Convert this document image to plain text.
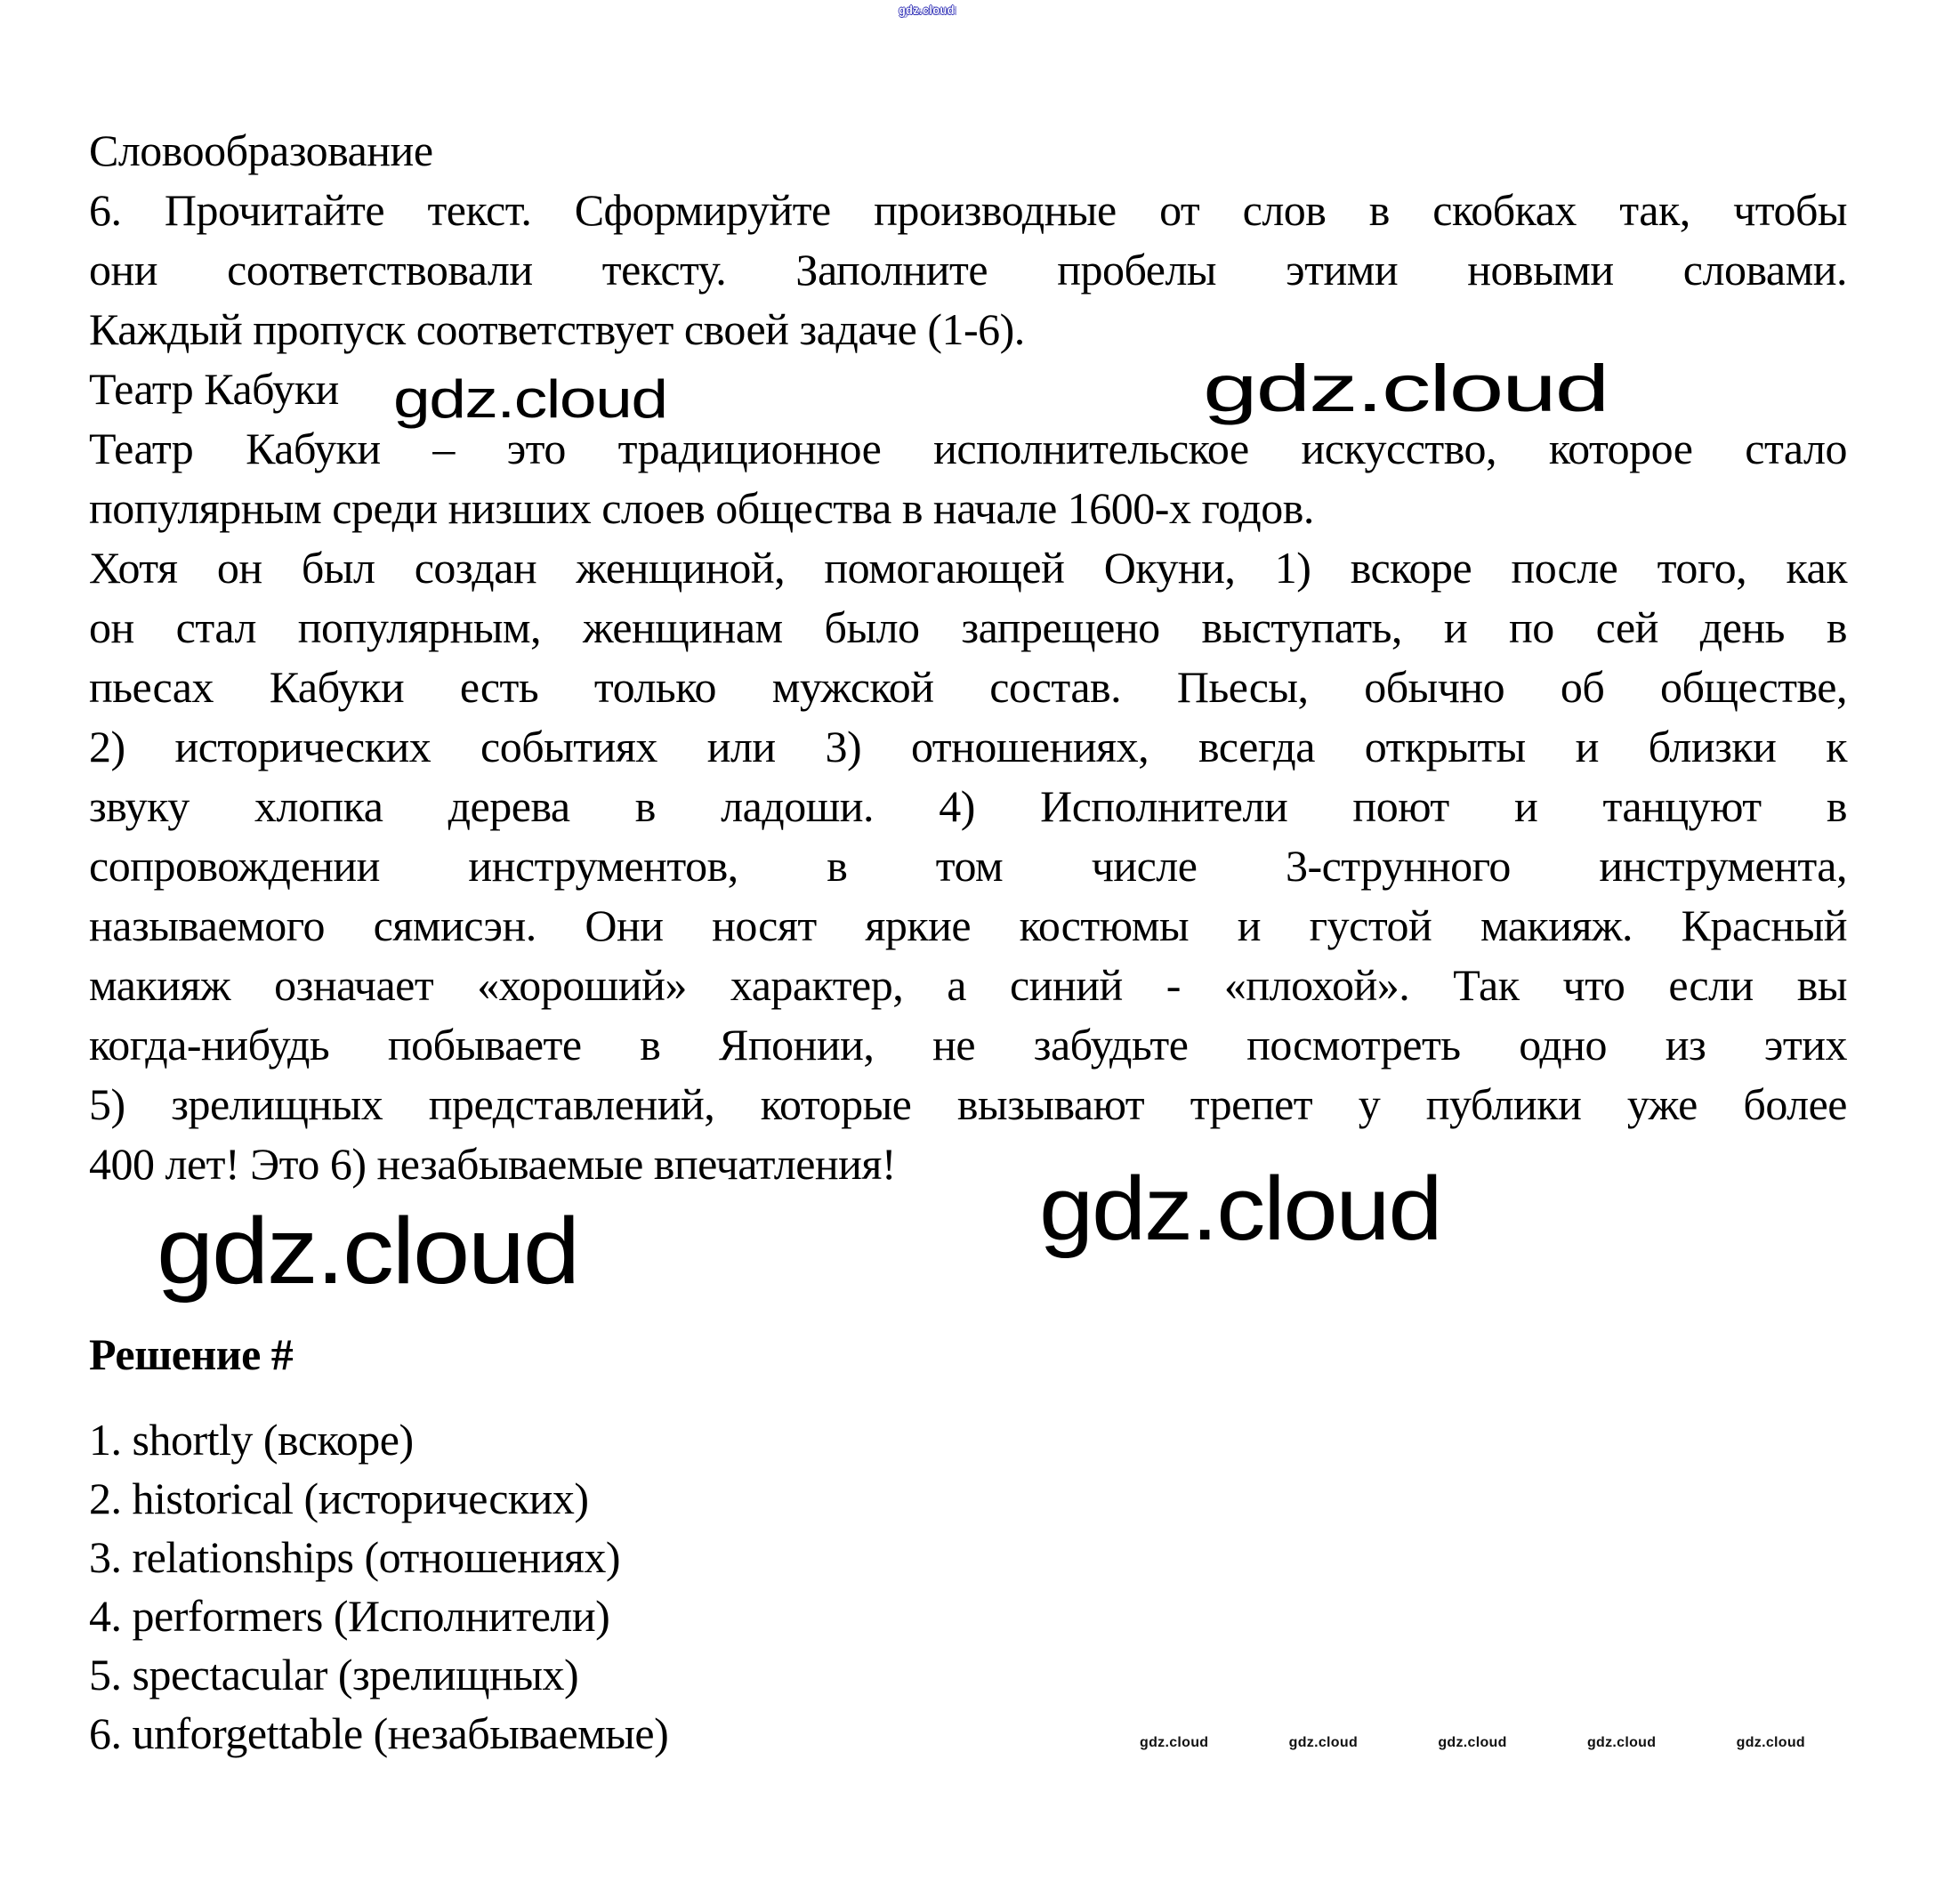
gdz.cloud
Словообразование
6. Прочитайте текст. Сформируйте производные от слов в скобках так, чтобы
они соответствовали тексту. Заполните пробелы этими новыми словами.
Каждый пропуск соответствует своей задаче (1-6).
Театр Кабуки
Театр Кабуки – это традиционное исполнительское искусство, которое стало
популярным среди низших слоев общества в начале 1600-х годов.
Хотя он был создан женщиной, помогающей Окуни, 1) вскоре после того, как
он стал популярным, женщинам было запрещено выступать, и по сей день в
пьесах Кабуки есть только мужской состав. Пьесы, обычно об обществе,
2) исторических событиях или 3) отношениях, всегда открыты и близки к
звуку хлопка дерева в ладоши. 4) Исполнители поют и танцуют в
сопровождении инструментов, в том числе 3-струнного инструмента,
называемого сямисэн. Они носят яркие костюмы и густой макияж. Красный
макияж означает «хороший» характер, а синий - «плохой». Так что если вы
когда-нибудь побываете в Японии, не забудьте посмотреть одно из этих
5) зрелищных представлений, которые вызывают трепет у публики уже более
400 лет! Это 6) незабываемые впечатления!
Решение #
1. shortly (вскоре)
2. historical (исторических)
3. relationships (отношениях)
4. performers (Исполнители)
5. spectacular (зрелищных)
6. unforgettable (незабываемые)
gdz.cloud	gdz.cloud
gdz.cloud	gdz.cloud
gdz.cloud	gdz.cloud	gdz.cloud	gdz.cloud	gdz.cloud
